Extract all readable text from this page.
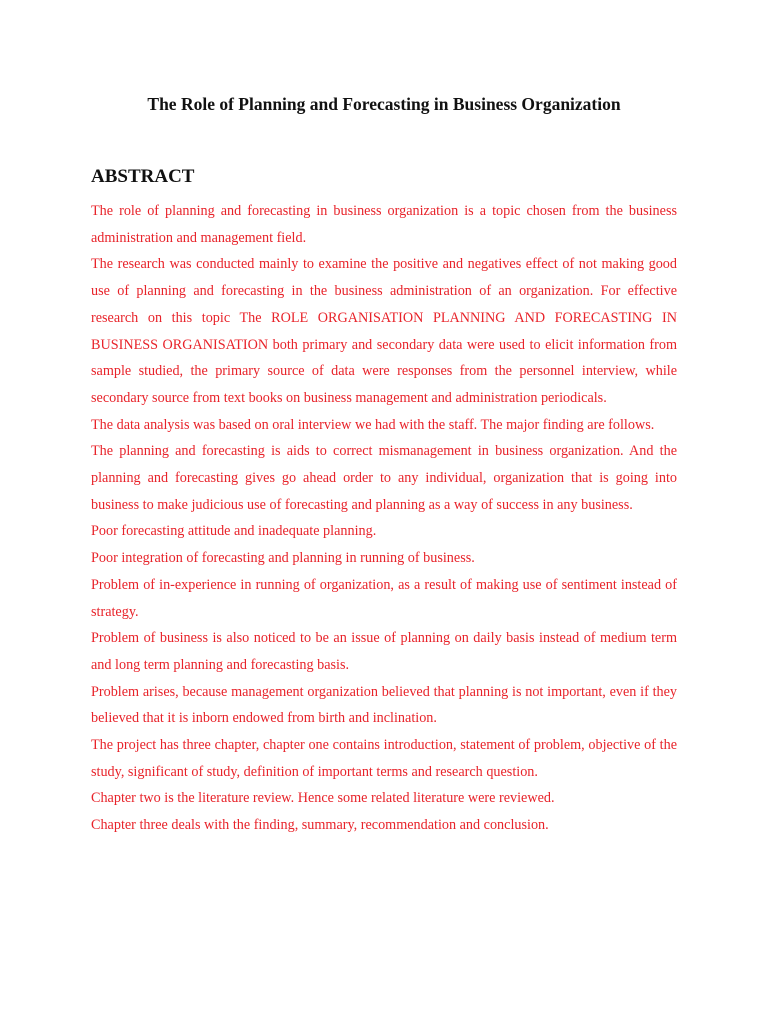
The Role of Planning and Forecasting in Business Organization
ABSTRACT

The role of planning and forecasting in business organization is a topic chosen from the business administration and management field.

The research was conducted mainly to examine the positive and negatives effect of not making good use of planning and forecasting in the business administration of an organization. For effective research on this topic The ROLE ORGANISATION PLANNING AND FORECASTING IN BUSINESS ORGANISATION both primary and secondary data were used to elicit information from sample studied, the primary source of data were responses from the personnel interview, while secondary source from text books on business management and administration periodicals.

The data analysis was based on oral interview we had with the staff. The major finding are follows.

The planning and forecasting is aids to correct mismanagement in business organization. And the planning and forecasting gives go ahead order to any individual, organization that is going into business to make judicious use of forecasting and planning as a way of success in any business.

Poor forecasting attitude and inadequate planning.

Poor integration of forecasting and planning in running of business.

Problem of in-experience in running of organization, as a result of making use of sentiment instead of strategy.

Problem of business is also noticed to be an issue of planning on daily basis instead of medium term and long term planning and forecasting basis.

Problem arises, because management organization believed that planning is not important, even if they believed that it is inborn endowed from birth and inclination.

The project has three chapter, chapter one contains introduction, statement of problem, objective of the study, significant of study, definition of important terms and research question.

Chapter two is the literature review. Hence some related literature were reviewed.

Chapter three deals with the finding, summary, recommendation and conclusion.
